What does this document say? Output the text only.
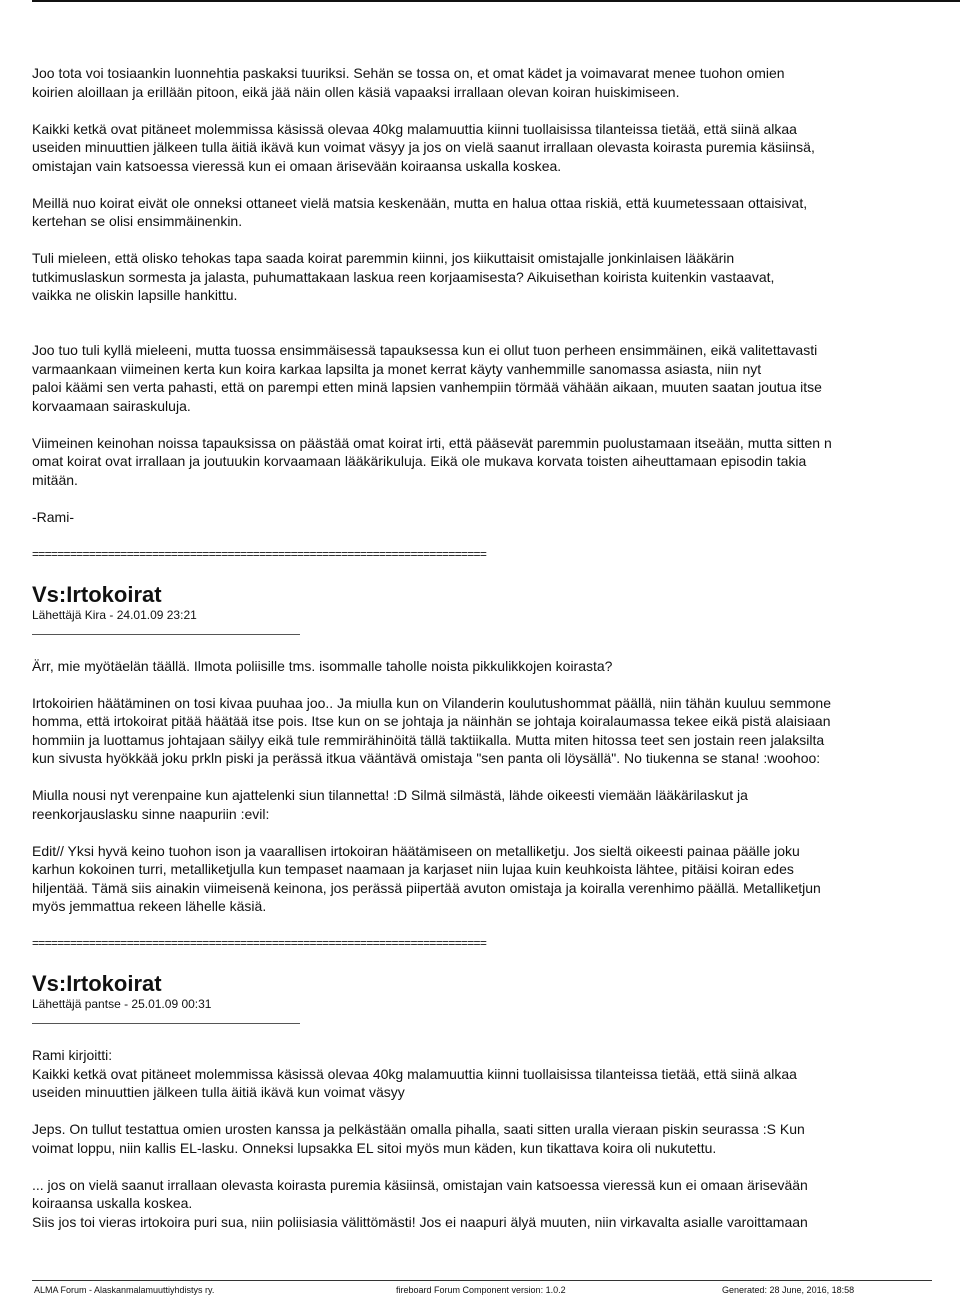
Joo tota voi tosiaankin luonnehtia paskaksi tuuriksi. Sehän se tossa on, et omat kädet ja voimavarat menee tuohon omien
koirien aloillaan ja erillään pitoon, eikä jää näin ollen käsiä vapaaksi irrallaan olevan koiran huiskimiseen.

Kaikki ketkä ovat pitäneet molemmissa käsissä olevaa 40kg malamuuttia kiinni tuollaisissa tilanteissa tietää, että siinä alkaa
useiden minuuttien jälkeen tulla äitiä ikävä kun voimat väsyy ja jos on vielä saanut irrallaan olevasta koirasta puremia käsiinsä,
omistajan vain katsoessa vieressä kun ei omaan ärisevään koiraansa uskalla koskea.

Meillä nuo koirat eivät ole onneksi ottaneet vielä matsia keskenään, mutta en halua ottaa riskiä, että kuumetessaan ottaisivat,
kertehan se olisi ensimmäinenkin.

Tuli mieleen, että olisko tehokas tapa saada koirat paremmin kiinni, jos kiikuttaisit omistajalle jonkinlaisen lääkärin
tutkimuslaskun sormesta ja jalasta, puhumattakaan laskua reen korjaamisesta? Aikuisethan koirista kuitenkin vastaavat,
vaikka ne oliskin lapsille hankittu.

Joo tuo tuli kyllä mieleeni, mutta tuossa ensimmäisessä tapauksessa kun ei ollut tuon perheen ensimmäinen, eikä valitettavasti
varmaankaan viimeinen kerta kun koira karkaa lapsilta ja monet kerrat käyty vanhemmille sanomassa asiasta, niin nyt
paloi käämi sen verta pahasti, että on parempi etten minä lapsien vanhempiin törmää vähään aikaan, muuten saatan joutua itse
korvaamaan sairaskuluja.

Viimeinen keinohan noissa tapauksissa on päästää omat koirat irti, että pääsevät paremmin puolustamaan itseään, mutta sitten n
omat koirat ovat irrallaan ja joutuukin korvaamaan lääkärikuluja. Eikä ole mukava korvata toisten aiheuttamaan episodin takia
mitään.

-Rami-

========================================================================

Vs:Irtokoirat

Lähettäjä Kira - 24.01.09 23:21

Ärr, mie myötäelän täällä. Ilmota poliisille tms. isommalle taholle noista pikkulikkojen koirasta?

Irtokoirien häätäminen on tosi kivaa puuhaa joo.. Ja miulla kun on Vilanderin koulutushommat päällä, niin tähän kuuluu semmone
homma, että irtokoirat pitää häätää itse pois. Itse kun on se johtaja ja näinhän se johtaja koiralaumassa tekee eikä pistä alaisiaan
hommiin ja luottamus johtajaan säilyy eikä tule remmirähinöitä tällä taktiikalla. Mutta miten hitossa teet sen jostain reen jalaksilta
kun sivusta hyökkää joku prkln piski ja perässä itkua vääntävä omistaja "sen panta oli löysällä". No tiukenna se stana! :woohoo:

Miulla nousi nyt verenpaine kun ajattelenki siun tilannetta! :D Silmä silmästä, lähde oikeesti viemään lääkärilaskut ja
reenkorjauslasku sinne naapuriin :evil:

Edit// Yksi hyvä keino tuohon ison ja vaarallisen irtokoiran häätämiseen on metalliketju. Jos sieltä oikeesti painaa päälle joku
karhun kokoinen turri, metalliketjulla kun tempaset naamaan ja karjaset niin lujaa kuin keuhkoista lähtee, pitäisi koiran edes
hiljentää. Tämä siis ainakin viimeisenä keinona, jos perässä piipertää avuton omistaja ja koiralla verenhimo päällä. Metalliketjun
myös jemmattua rekeen lähelle käsiä.

========================================================================

Vs:Irtokoirat

Lähettäjä pantse - 25.01.09 00:31

Rami kirjoitti:
Kaikki ketkä ovat pitäneet molemmissa käsissä olevaa 40kg malamuuttia kiinni tuollaisissa tilanteissa tietää, että siinä alkaa
useiden minuuttien jälkeen tulla äitiä ikävä kun voimat väsyy

Jeps. On tullut testattua omien urosten kanssa ja pelkästään omalla pihalla, saati sitten uralla vieraan piskin seurassa :S Kun
voimat loppu, niin kallis EL-lasku. Onneksi lupsakka EL sitoi myös mun käden, kun tikattava koira oli nukutettu.

... jos on vielä saanut irrallaan olevasta koirasta puremia käsiinsä, omistajan vain katsoessa vieressä kun ei omaan ärisevään
koiraansa uskalla koskea.
Siis jos toi vieras irtokoira puri sua, niin poliisiasia välittömästi! Jos ei naapuri älyä muuten, niin virkavalta asialle varoittamaan

ALMA Forum - Alaskanmalamuuttiyhdistys ry.	fireboard Forum Component version: 1.0.2	Generated: 28 June, 2016, 18:58
